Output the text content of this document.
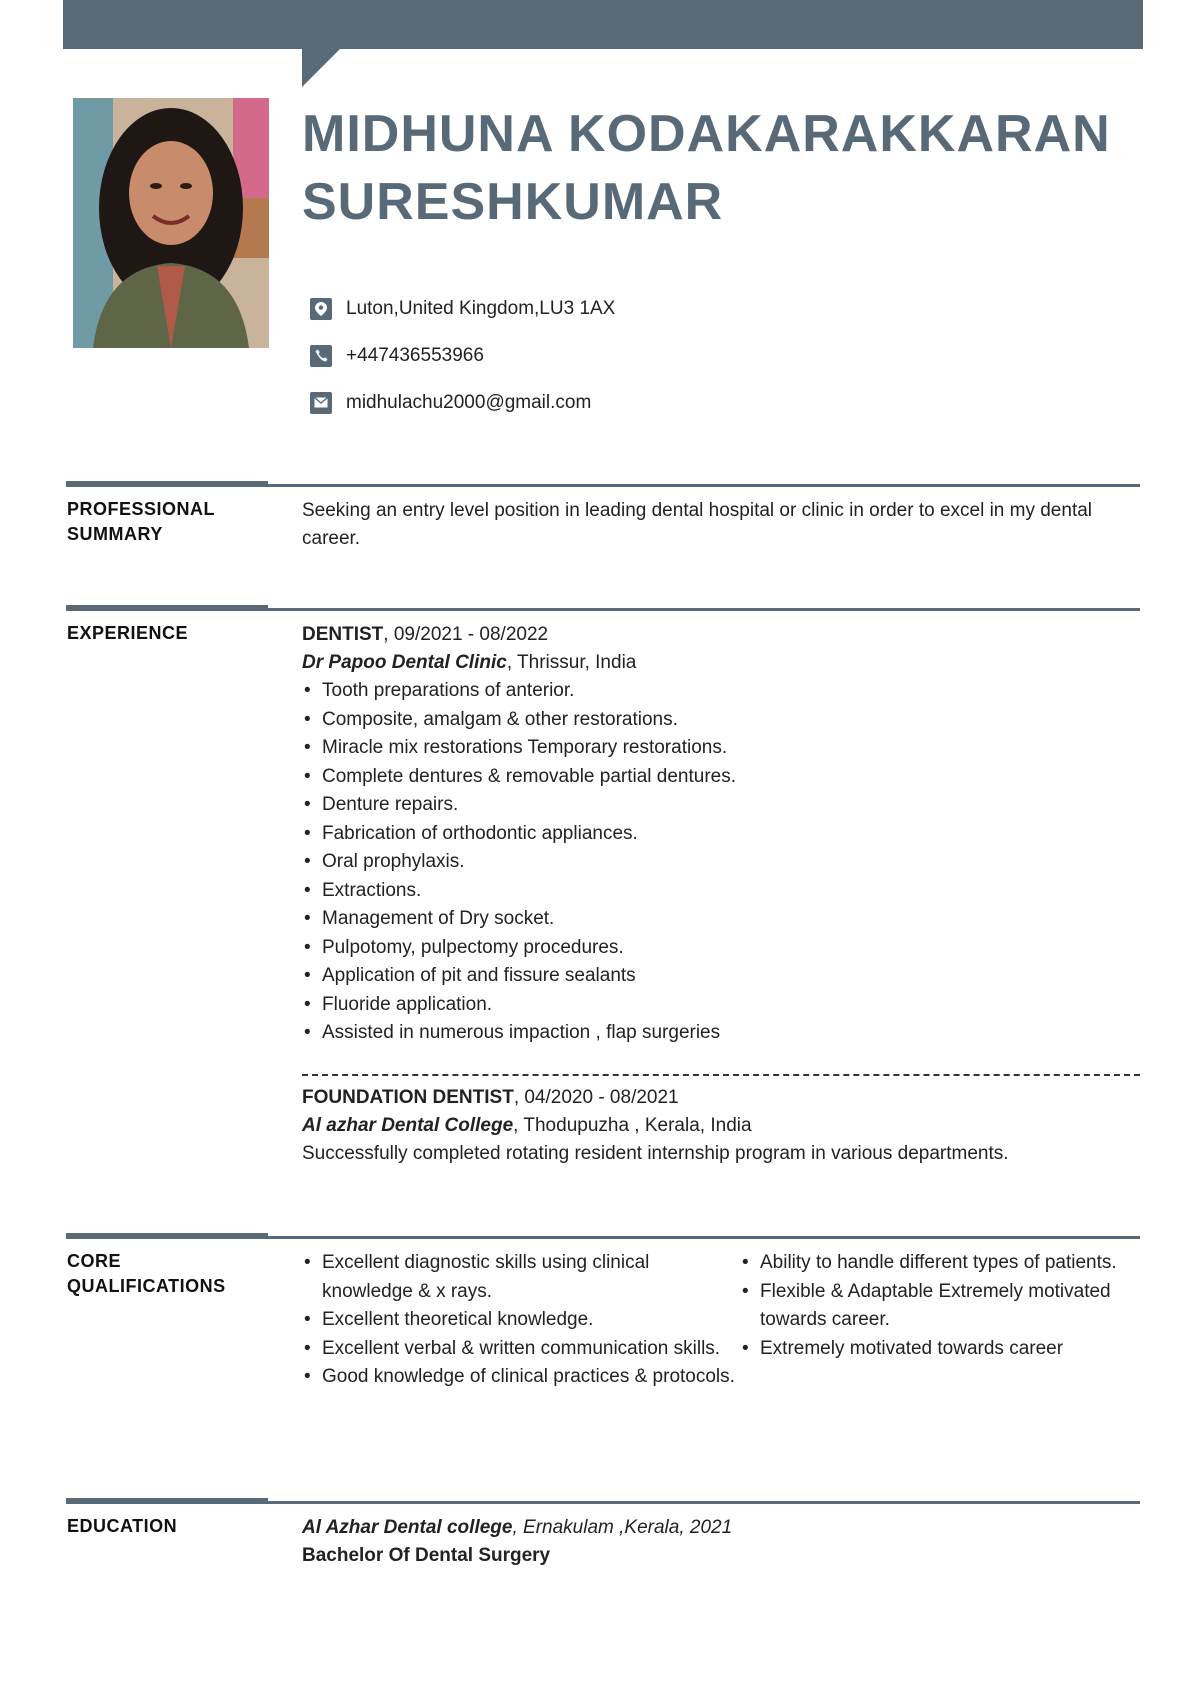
MIDHUNA KODAKARAKKARAN
SURESHKUMAR
Luton,United Kingdom,LU3 1AX
+447436553966
midhulachu2000@gmail.com
PROFESSIONAL
SUMMARY

Seeking an entry level position in leading dental hospital or clinic in order to excel in my dental career.

EXPERIENCE	DENTIST, 09/2021 - 08/2022
Dr Papoo Dental Clinic, Thrissur, India
• Tooth preparations of anterior.
• Composite, amalgam & other restorations.
• Miracle mix restorations Temporary restorations.
• Complete dentures & removable partial dentures.
• Denture repairs.
• Fabrication of orthodontic appliances.
• Oral prophylaxis.
• Extractions.
• Management of Dry socket.
• Pulpotomy, pulpectomy procedures.
• Application of pit and fissure sealants
• Fluoride application.
• Assisted in numerous impaction , flap surgeries
FOUNDATION DENTIST, 04/2020 - 08/2021
Al azhar Dental College, Thodupuzha , Kerala, India
Successfully completed rotating resident internship program in various departments.
CORE
QUALIFICATIONS
• Excellent diagnostic skills using clinical knowledge & x rays.
• Excellent theoretical knowledge.
• Excellent verbal & written communication skills.
• Good knowledge of clinical practices & protocols.
• Ability to handle different types of patients.
• Flexible & Adaptable Extremely motivated towards career.
• Extremely motivated towards career
EDUCATION	Al Azhar Dental college, Ernakulam ,Kerala, 2021
Bachelor Of Dental Surgery
